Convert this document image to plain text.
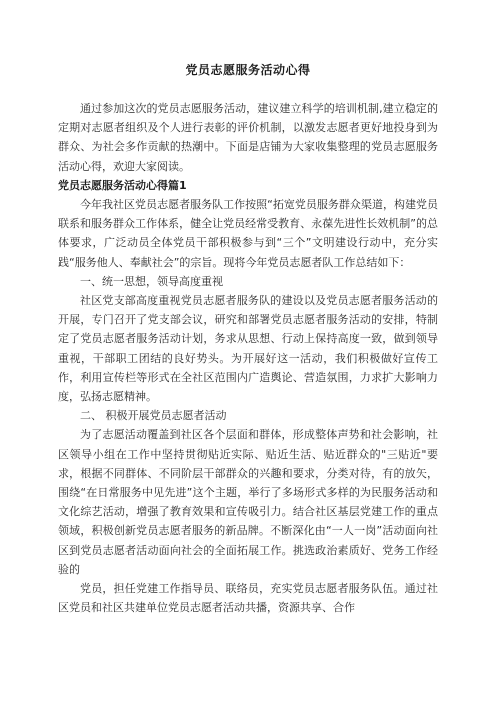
党员志愿服务活动心得

通过参加这次的党员志愿服务活动，建议建立科学的培训机制,建立稳定的定期对志愿者组织及个人进行表彰的评价机制，以激发志愿者更好地投身到为群众、为社会多作贡献的热潮中。下面是店铺为大家收集整理的党员志愿服务活动心得，欢迎大家阅读。

党员志愿服务活动心得篇1

今年我社区党员志愿者服务队工作按照“拓宽党员服务群众渠道，构建党员联系和服务群众工作体系，健全让党员经常受教育、永葆先进性长效机制”的总体要求，广泛动员全体党员干部积极参与到“三个”文明建设行动中，充分实践“服务他人、奉献社会”的宗旨。现将今年党员志愿者队工作总结如下：

一、统一思想，领导高度重视

社区党支部高度重视党员志愿者服务队的建设以及党员志愿者服务活动的开展，专门召开了党支部会议，研究和部署党员志愿者服务活动的安排，特制定了党员志愿者服务活动计划，务求从思想、行动上保持高度一致，做到领导重视，干部职工团结的良好势头。为开展好这一活动，我们积极做好宣传工作，利用宣传栏等形式在全社区范围内广造舆论、营造氛围，力求扩大影响力度，弘扬志愿精神。

二、 积极开展党员志愿者活动

为了志愿活动覆盖到社区各个层面和群体，形成整体声势和社会影响，社区领导小组在工作中坚持贯彻贴近实际、贴近生活、贴近群众的"三贴近"要求，根据不同群体、不同阶层干部群众的兴趣和要求，分类对待，有的放矢，围绕“在日常服务中见先进”这个主题，举行了多场形式多样的为民服务活动和文化综艺活动，增强了教育效果和宣传吸引力。结合社区基层党建工作的重点领域，积极创新党员志愿者服务的新品牌。不断深化由“一人一岗”活动面向社区到党员志愿者活动面向社会的全面拓展工作。挑选政治素质好、党务工作经验的

党员，担任党建工作指导员、联络员，充实党员志愿者服务队伍。通过社区党员和社区共建单位党员志愿者活动共播，资源共享、合作
